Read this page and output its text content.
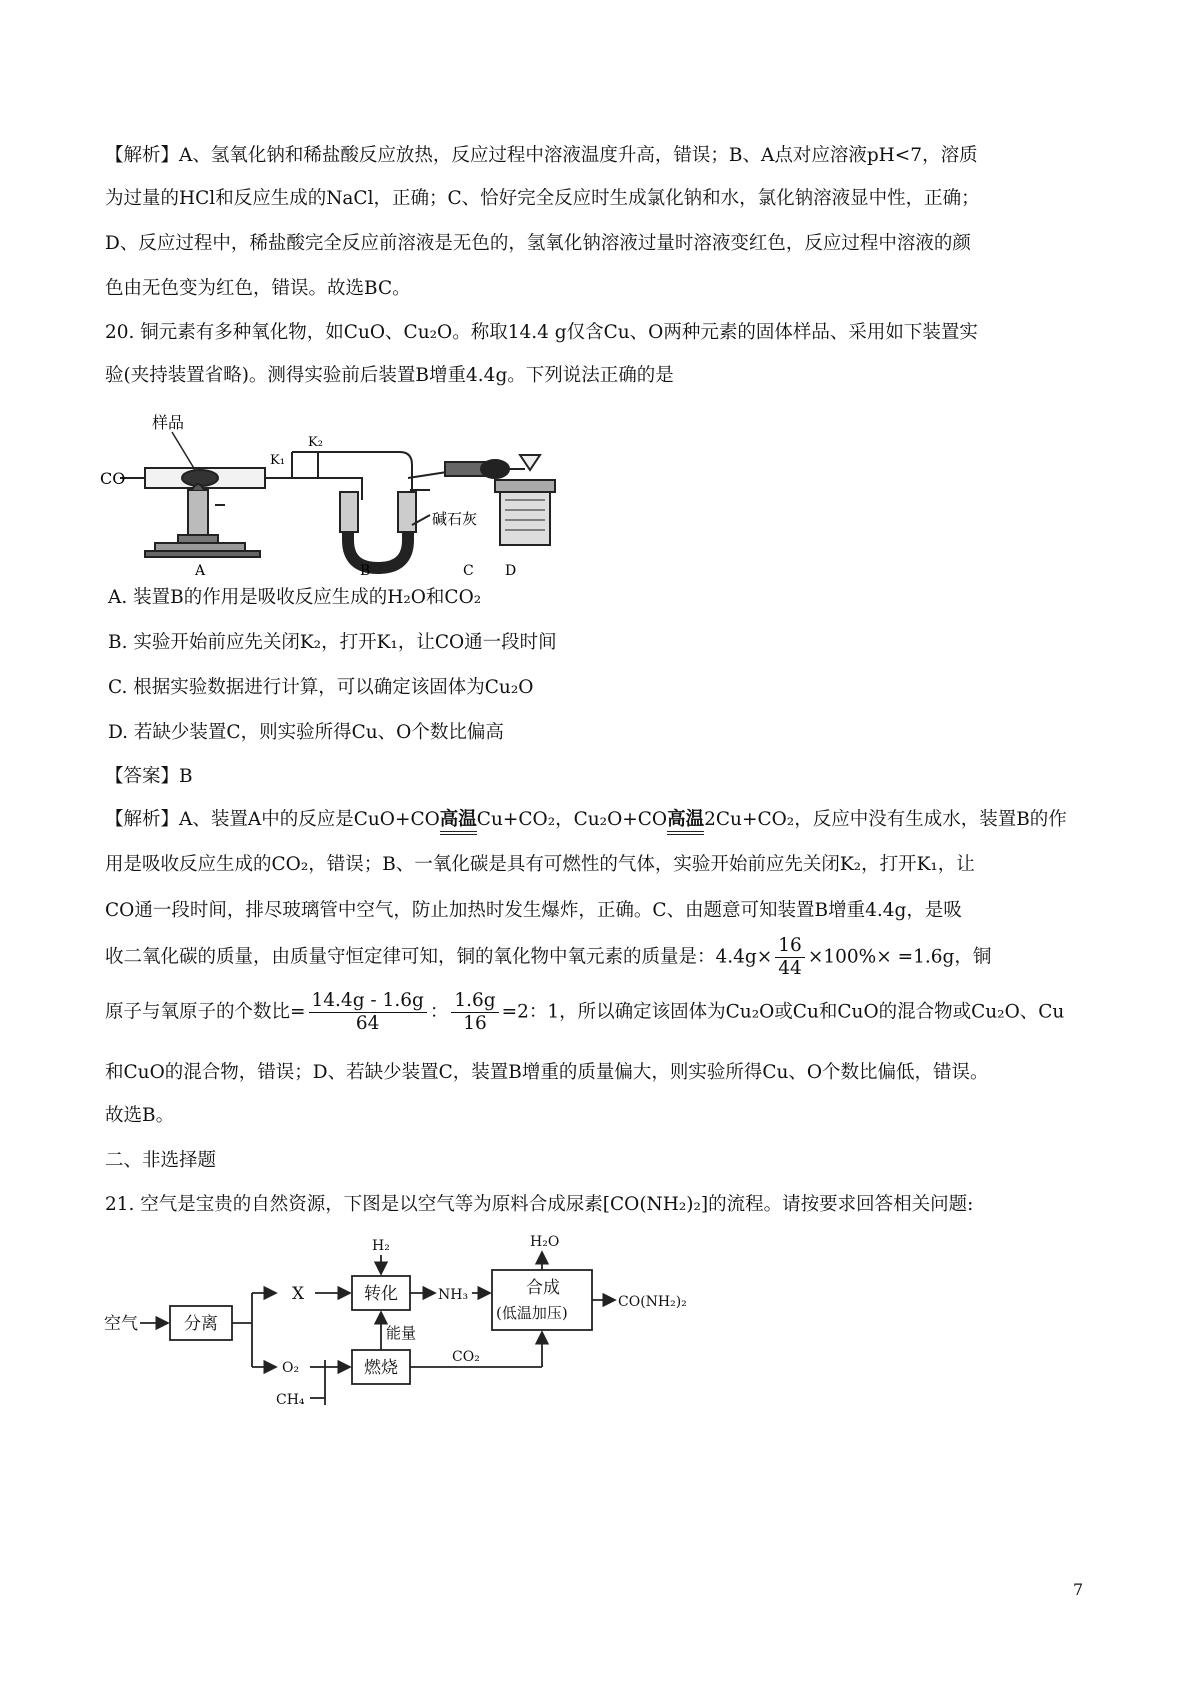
【解析】A、氢氧化钠和稀盐酸反应放热，反应过程中溶液温度升高，错误；B、A点对应溶液pH<7，溶质
为过量的HCl和反应生成的NaCl，正确；C、恰好完全反应时生成氯化钠和水，氯化钠溶液显中性，正确；
D、反应过程中，稀盐酸完全反应前溶液是无色的，氢氧化钠溶液过量时溶液变红色，反应过程中溶液的颜
色由无色变为红色，错误。故选BC。
20. 铜元素有多种氧化物，如CuO、Cu₂O。称取14.4 g仅含Cu、O两种元素的固体样品、采用如下装置实
验(夹持装置省略)。测得实验前后装置B增重4.4g。下列说法正确的是
样品
CO
K₁
K₂
碱石灰
A	B	C D
A. 装置B的作用是吸收反应生成的H₂O和CO₂
B. 实验开始前应先关闭K₂，打开K₁，让CO通一段时间
C. 根据实验数据进行计算，可以确定该固体为Cu₂O
D. 若缺少装置C，则实验所得Cu、O个数比偏高
【答案】B
【解析】A、装置A中的反应是CuO+CO高温Cu+CO₂，Cu₂O+CO高温2Cu+CO₂，反应中没有生成水，装置B的作
用是吸收反应生成的CO₂，错误；B、一氧化碳是具有可燃性的气体，实验开始前应先关闭K₂，打开K₁，让
CO通一段时间，排尽玻璃管中空气，防止加热时发生爆炸，正确。C、由题意可知装置B增重4.4g，是吸
收二氧化碳的质量，由质量守恒定律可知，铜的氧化物中氧元素的质量是：$4.4g\times \frac{16}{44} \times 100\%\times =1.6g$，铜
原子与氧原子的个数比= $\frac{14.4g - 1.6g}{64}$ ： $\frac{1.6g}{16} =2$：1，所以确定该固体为Cu₂O或Cu和CuO的混合物或Cu₂O、Cu
和CuO的混合物，错误；D、若缺少装置C，装置B增重的质量偏大，则实验所得Cu、O个数比偏低，错误。
故选B。
二、非选择题
21. 空气是宝贵的自然资源，下图是以空气等为原料合成尿素[CO(NH₂)₂]的流程。请按要求回答相关问题:
空气	分离
X
H₂
转化	NH₃	合成
(低温加压)
H₂O
CO(NH₂)₂
能量
O₂
CH₄
燃烧
CO₂
7
